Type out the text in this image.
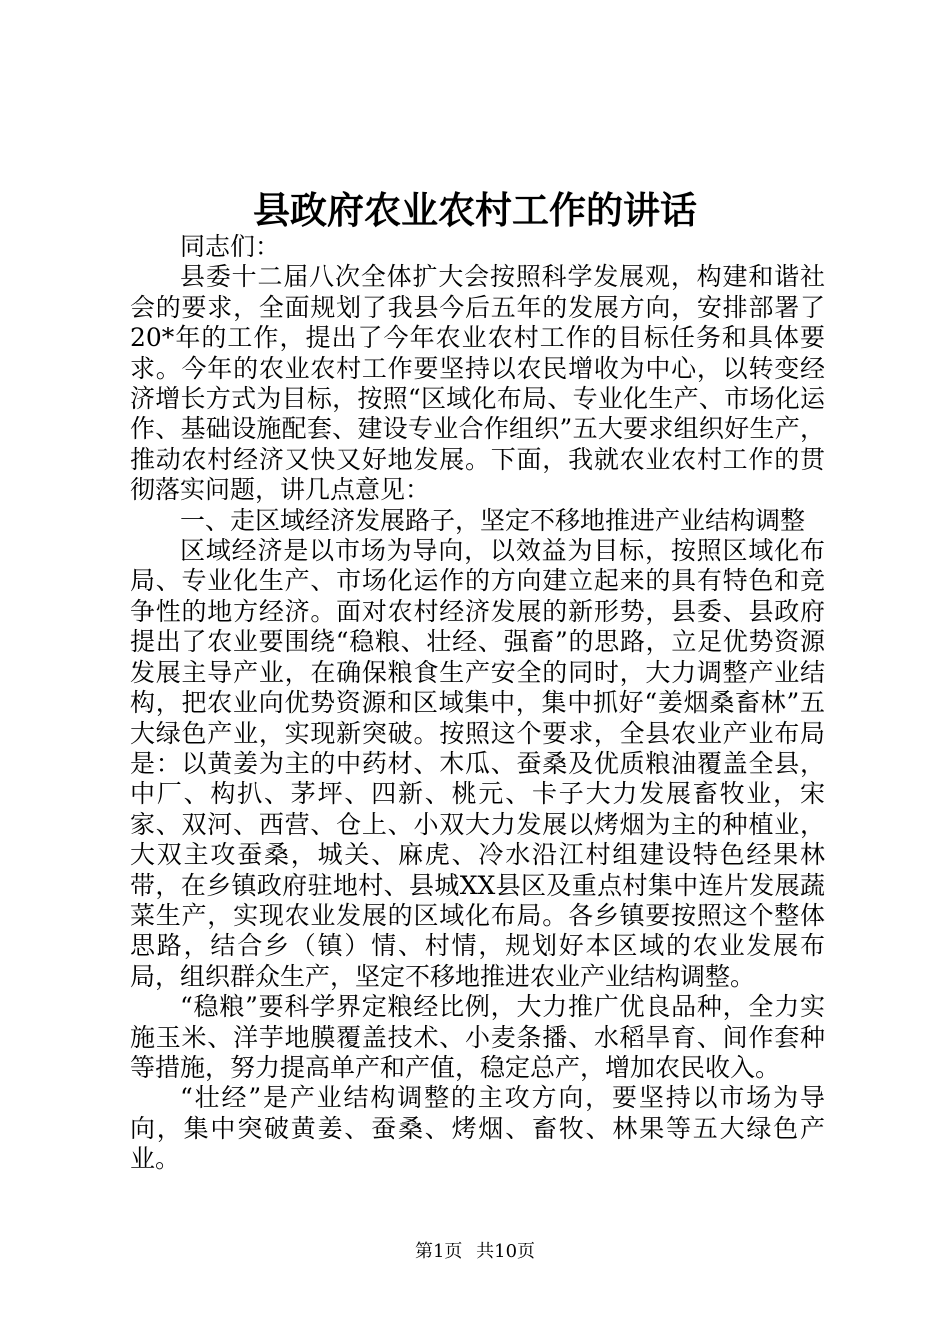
县政府农业农村工作的讲话

同志们：

县委十二届八次全体扩大会按照科学发展观，构建和谐社会的要求，全面规划了我县今后五年的发展方向，安排部署了20*年的工作，提出了今年农业农村工作的目标任务和具体要求。今年的农业农村工作要坚持以农民增收为中心，以转变经济增长方式为目标，按照“区域化布局、专业化生产、市场化运作、基础设施配套、建设专业合作组织”五大要求组织好生产，推动农村经济又快又好地发展。下面，我就农业农村工作的贯彻落实问题，讲几点意见：

一、走区域经济发展路子，坚定不移地推进产业结构调整

区域经济是以市场为导向，以效益为目标，按照区域化布局、专业化生产、市场化运作的方向建立起来的具有特色和竞争性的地方经济。面对农村经济发展的新形势，县委、县政府提出了农业要围绕“稳粮、壮经、强畜”的思路，立足优势资源发展主导产业，在确保粮食生产安全的同时，大力调整产业结构，把农业向优势资源和区域集中，集中抓好“姜烟桑畜林”五大绿色产业，实现新突破。按照这个要求，全县农业产业布局是：以黄姜为主的中药材、木瓜、蚕桑及优质粮油覆盖全县，中厂、构扒、茅坪、四新、桃元、卡子大力发展畜牧业，宋家、双河、西营、仓上、小双大力发展以烤烟为主的种植业，大双主攻蚕桑，城关、麻虎、冷水沿江村组建设特色经果林带，在乡镇政府驻地村、县城XX县区及重点村集中连片发展蔬菜生产，实现农业发展的区域化布局。各乡镇要按照这个整体思路，结合乡（镇）情、村情，规划好本区域的农业发展布局，组织群众生产，坚定不移地推进农业产业结构调整。

“稳粮”要科学界定粮经比例，大力推广优良品种，全力实施玉米、洋芋地膜覆盖技术、小麦条播、水稻旱育、间作套种等措施，努力提高单产和产值，稳定总产，增加农民收入。

“壮经”是产业结构调整的主攻方向，要坚持以市场为导向，集中突破黄姜、蚕桑、烤烟、畜牧、林果等五大绿色产业。

第1页 共10页
